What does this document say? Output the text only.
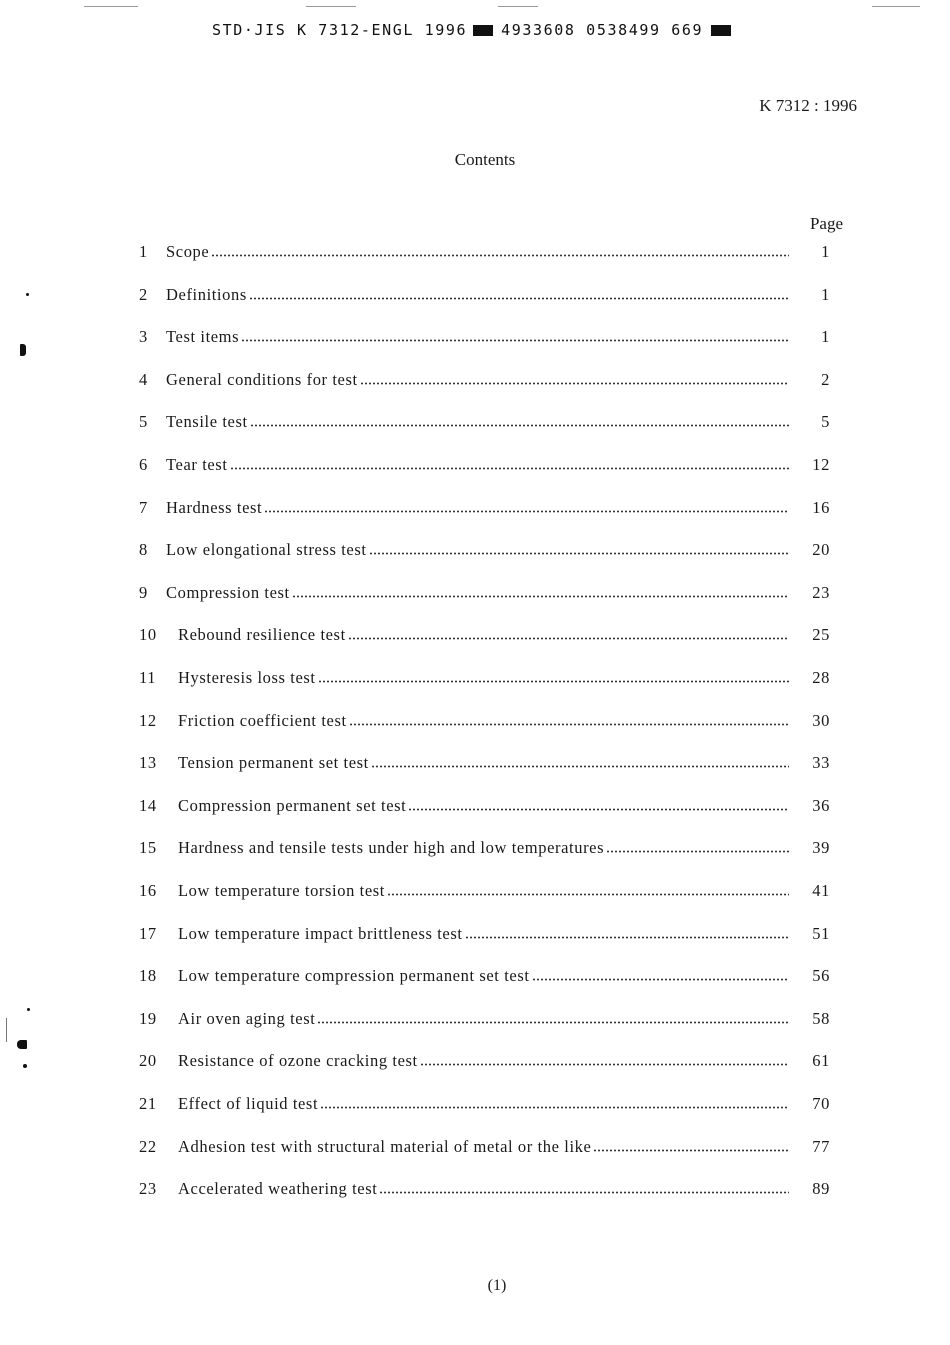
STD·JIS K 7312-ENGL 1996 4933608 0538499 669
K 7312 : 1996
Contents
Page
1 Scope	1
2 Definitions	1
3 Test items	1
4 General conditions for test	2
5 Tensile test	5
6 Tear test	12
7 Hardness test	16
8 Low elongational stress test	20
9 Compression test	23
10 Rebound resilience test	25
11 Hysteresis loss test	28
12 Friction coefficient test	30
13 Tension permanent set test	33
14 Compression permanent set test	36
15 Hardness and tensile tests under high and low temperatures	39
16 Low temperature torsion test	41
17 Low temperature impact brittleness test	51
18 Low temperature compression permanent set test	56
19 Air oven aging test	58
20 Resistance of ozone cracking test	61
21 Effect of liquid test	70
22 Adhesion test with structural material of metal or the like	77
23 Accelerated weathering test	89
(1)
